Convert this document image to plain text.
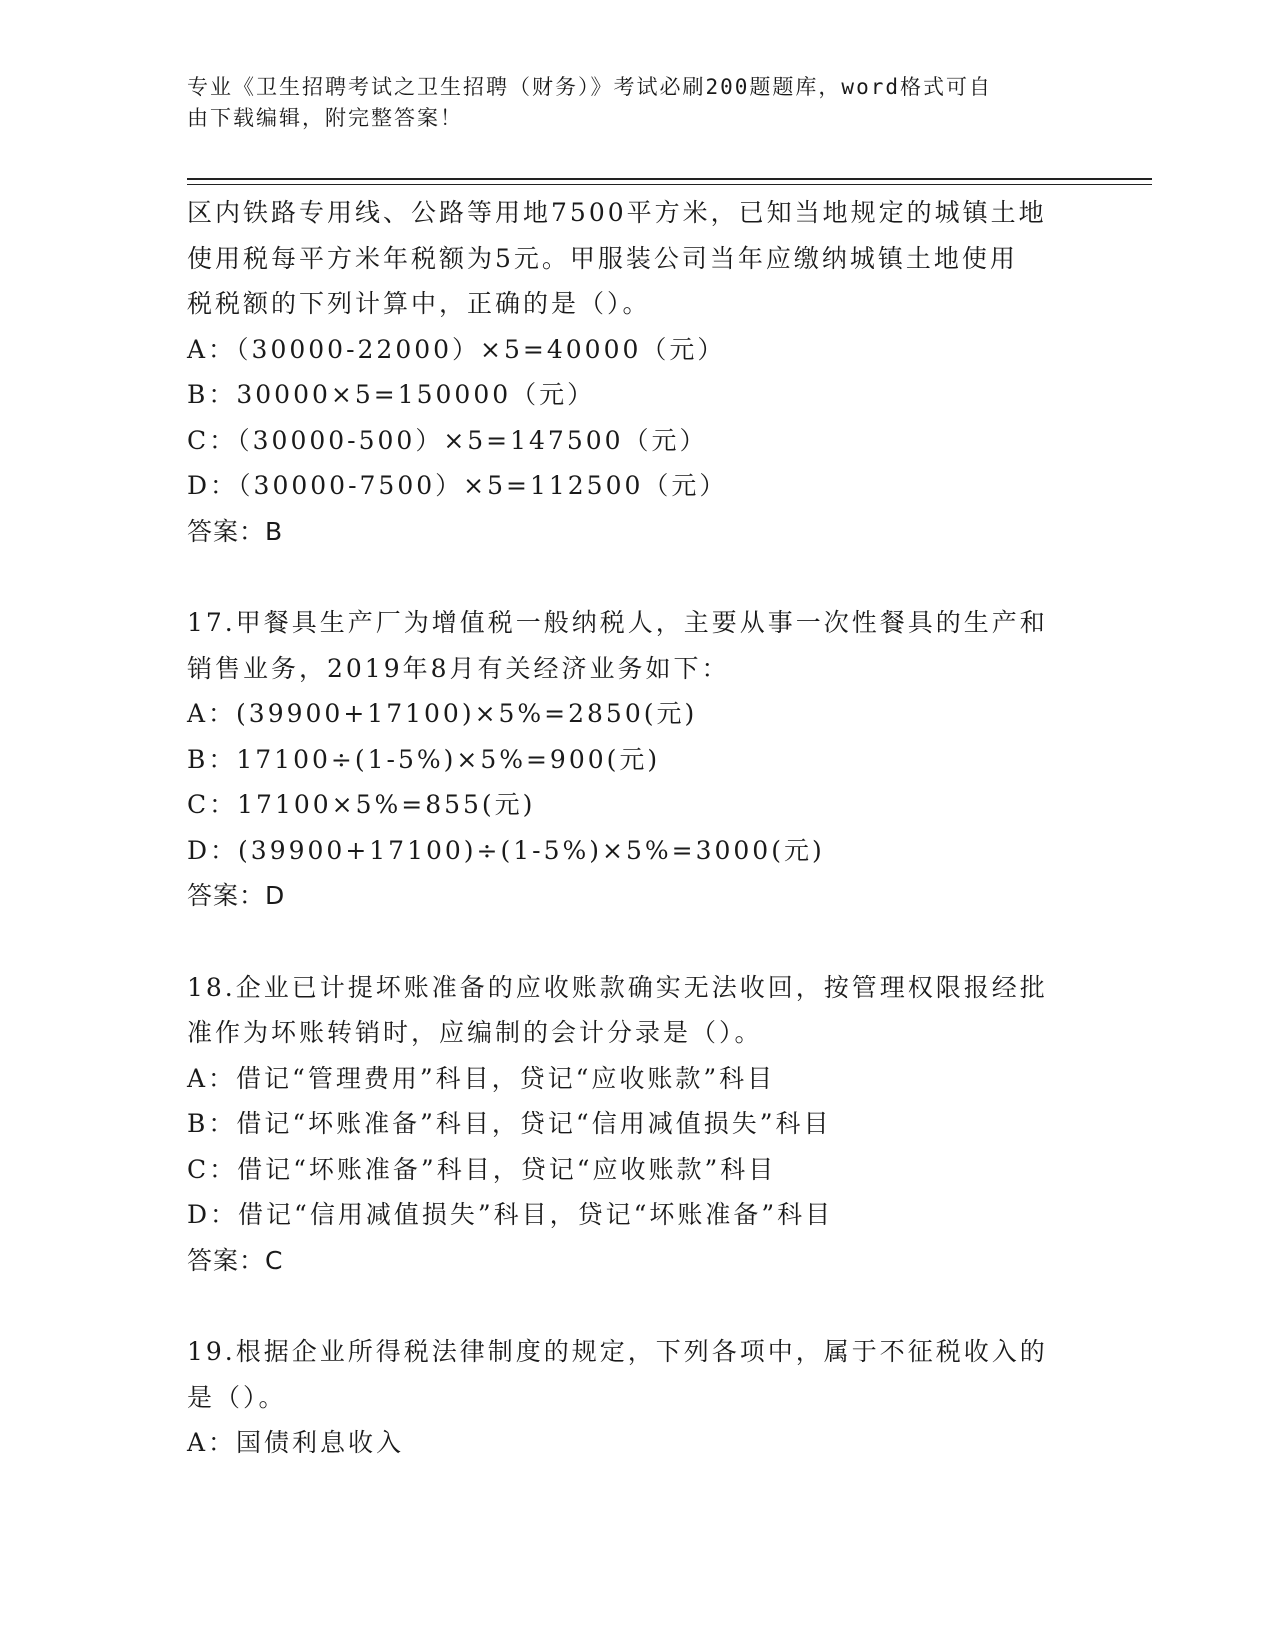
专业《卫生招聘考试之卫生招聘（财务）》考试必刷200题题库，word格式可自
由下载编辑，附完整答案！
区内铁路专用线、公路等用地7500平方米，已知当地规定的城镇土地
使用税每平方米年税额为5元。甲服装公司当年应缴纳城镇土地使用
税税额的下列计算中，正确的是（）。
A：（30000-22000）×5=40000（元）
B：30000×5=150000（元）
C：（30000-500）×5=147500（元）
D：（30000-7500）×5=112500（元）
答案：B
17.甲餐具生产厂为增值税一般纳税人，主要从事一次性餐具的生产和
销售业务，2019年8月有关经济业务如下：
A：(39900+17100)×5%=2850(元)
B：17100÷(1-5%)×5%=900(元)
C：17100×5%=855(元)
D：(39900+17100)÷(1-5%)×5%=3000(元)
答案：D
18.企业已计提坏账准备的应收账款确实无法收回，按管理权限报经批
准作为坏账转销时，应编制的会计分录是（）。
A：借记“管理费用”科目，贷记“应收账款”科目
B：借记“坏账准备”科目，贷记“信用减值损失”科目
C：借记“坏账准备”科目，贷记“应收账款”科目
D：借记“信用减值损失”科目，贷记“坏账准备”科目
答案：C
19.根据企业所得税法律制度的规定，下列各项中，属于不征税收入的
是（）。
A：国债利息收入
